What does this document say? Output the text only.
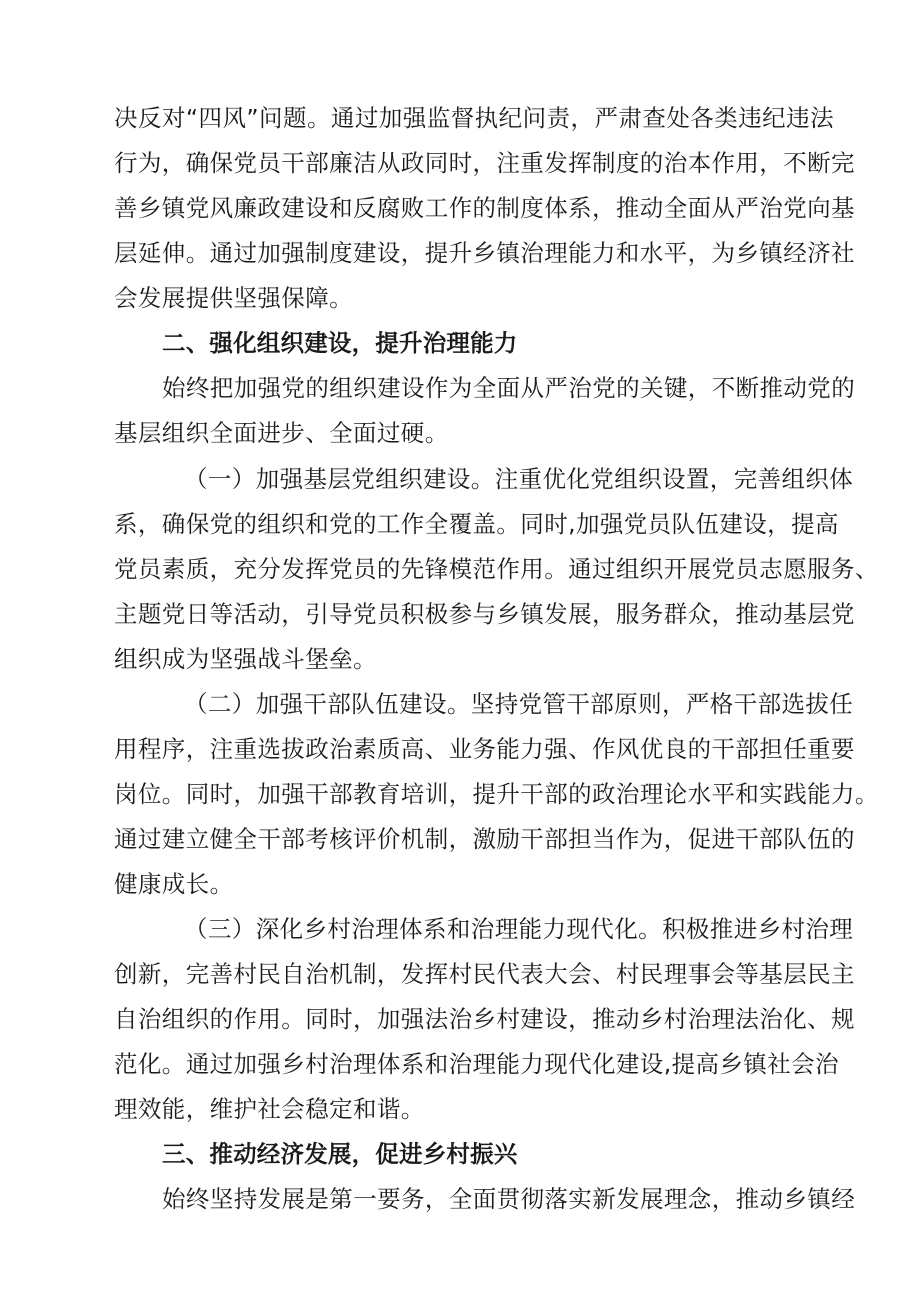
决反对“四风”问题。通过加强监督执纪问责，严肃查处各类违纪违法
行为，确保党员干部廉洁从政同时，注重发挥制度的治本作用，不断完
善乡镇党风廉政建设和反腐败工作的制度体系，推动全面从严治党向基
层延伸。通过加强制度建设，提升乡镇治理能力和水平，为乡镇经济社
会发展提供坚强保障。
二、强化组织建设，提升治理能力
始终把加强党的组织建设作为全面从严治党的关键，不断推动党的
基层组织全面进步、全面过硬。
（一）加强基层党组织建设。注重优化党组织设置，完善组织体
系，确保党的组织和党的工作全覆盖。同时,加强党员队伍建设，提高
党员素质，充分发挥党员的先锋模范作用。通过组织开展党员志愿服务、
主题党日等活动，引导党员积极参与乡镇发展，服务群众，推动基层党
组织成为坚强战斗堡垒。
（二）加强干部队伍建设。坚持党管干部原则，严格干部选拔任
用程序，注重选拔政治素质高、业务能力强、作风优良的干部担任重要
岗位。同时，加强干部教育培训，提升干部的政治理论水平和实践能力。
通过建立健全干部考核评价机制，激励干部担当作为，促进干部队伍的
健康成长。
（三）深化乡村治理体系和治理能力现代化。积极推进乡村治理
创新，完善村民自治机制，发挥村民代表大会、村民理事会等基层民主
自治组织的作用。同时，加强法治乡村建设，推动乡村治理法治化、规
范化。通过加强乡村治理体系和治理能力现代化建设,提高乡镇社会治
理效能，维护社会稳定和谐。
三、推动经济发展，促进乡村振兴
始终坚持发展是第一要务，全面贯彻落实新发展理念，推动乡镇经
